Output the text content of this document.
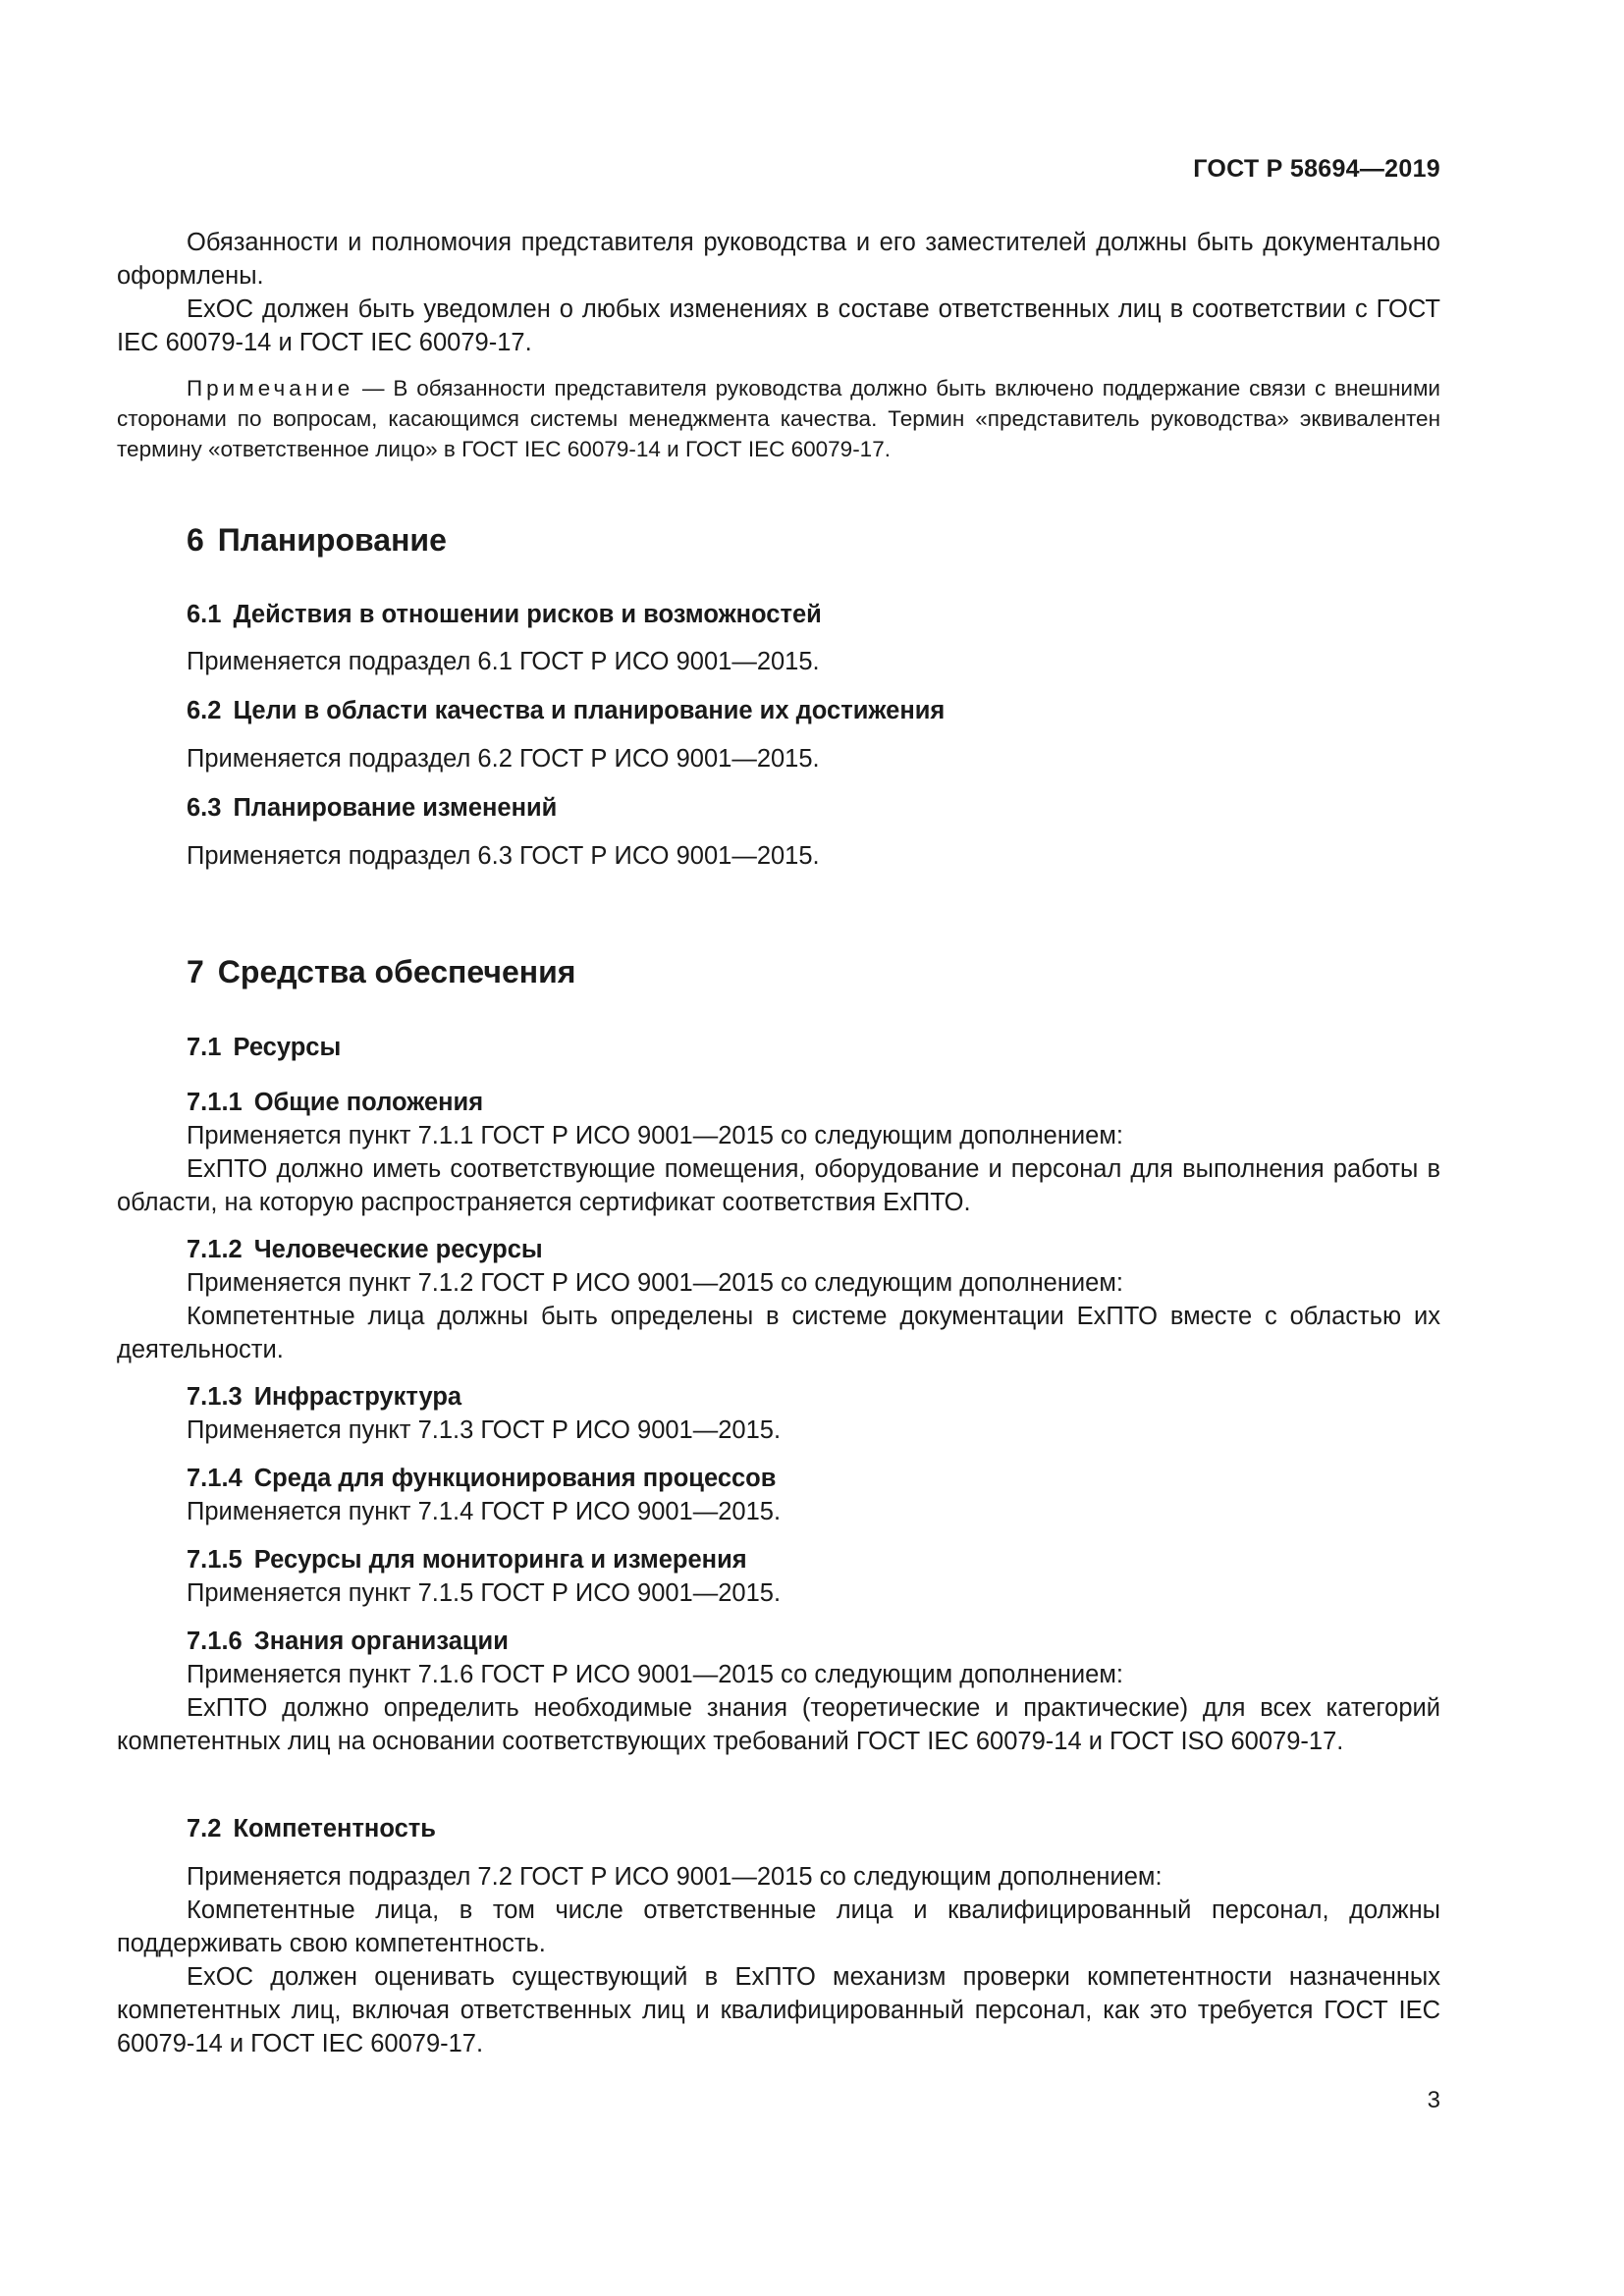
ГОСТ Р 58694—2019

Обязанности и полномочия представителя руководства и его заместителей должны быть документально оформлены.

ExOC должен быть уведомлен о любых изменениях в составе ответственных лиц в соответствии с ГОСТ IEC 60079-14 и ГОСТ IEC 60079-17.

Примечание — В обязанности представителя руководства должно быть включено поддержание связи с внешними сторонами по вопросам, касающимся системы менеджмента качества. Термин «представитель руководства» эквивалентен термину «ответственное лицо» в ГОСТ IEC 60079-14 и ГОСТ IEC 60079-17.

6 Планирование
6.1 Действия в отношении рисков и возможностей

Применяется подраздел 6.1 ГОСТ Р ИСО 9001—2015.

6.2 Цели в области качества и планирование их достижения

Применяется подраздел 6.2 ГОСТ Р ИСО 9001—2015.

6.3 Планирование изменений

Применяется подраздел 6.3 ГОСТ Р ИСО 9001—2015.

7 Средства обеспечения
7.1 Ресурсы
7.1.1 Общие положения

Применяется пункт 7.1.1 ГОСТ Р ИСО 9001—2015 со следующим дополнением:

ExПТО должно иметь соответствующие помещения, оборудование и персонал для выполнения работы в области, на которую распространяется сертификат соответствия ExПТО.

7.1.2 Человеческие ресурсы

Применяется пункт 7.1.2 ГОСТ Р ИСО 9001—2015 со следующим дополнением:

Компетентные лица должны быть определены в системе документации ExПТО вместе с областью их деятельности.

7.1.3 Инфраструктура

Применяется пункт 7.1.3 ГОСТ Р ИСО 9001—2015.

7.1.4 Среда для функционирования процессов

Применяется пункт 7.1.4 ГОСТ Р ИСО 9001—2015.

7.1.5 Ресурсы для мониторинга и измерения

Применяется пункт 7.1.5 ГОСТ Р ИСО 9001—2015.

7.1.6 Знания организации

Применяется пункт 7.1.6 ГОСТ Р ИСО 9001—2015 со следующим дополнением:

ExПТО должно определить необходимые знания (теоретические и практические) для всех категорий компетентных лиц на основании соответствующих требований ГОСТ IEC 60079-14 и ГОСТ ISO 60079-17.

7.2 Компетентность

Применяется подраздел 7.2 ГОСТ Р ИСО 9001—2015 со следующим дополнением:

Компетентные лица, в том числе ответственные лица и квалифицированный персонал, должны поддерживать свою компетентность.

ExOC должен оценивать существующий в ExПТО механизм проверки компетентности назначенных компетентных лиц, включая ответственных лиц и квалифицированный персонал, как это требуется ГОСТ IEC 60079-14 и ГОСТ IEC 60079-17.

3
